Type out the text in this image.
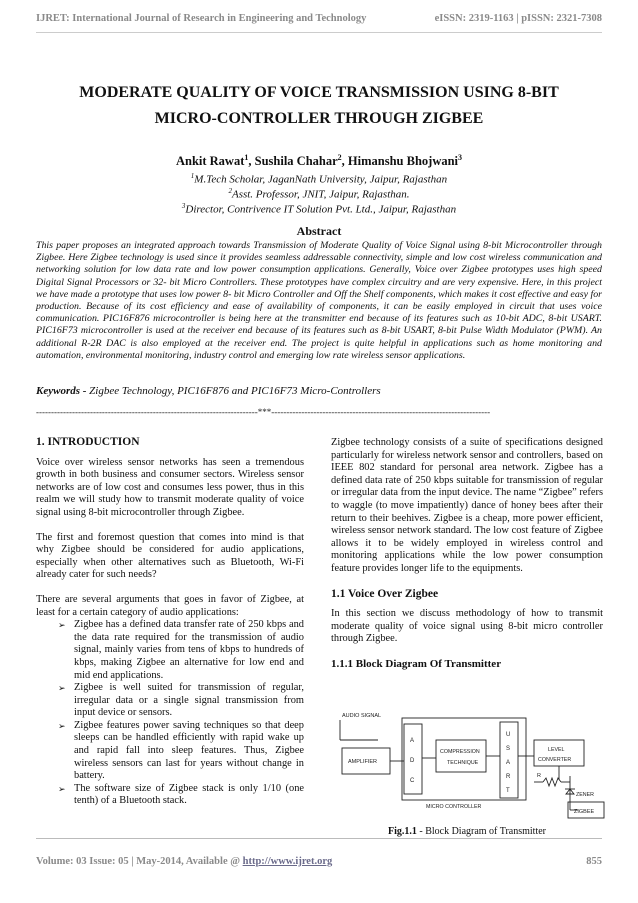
IJRET: International Journal of Research in Engineering and Technology	eISSN: 2319-1163 | pISSN: 2321-7308
MODERATE QUALITY OF VOICE TRANSMISSION USING 8-BIT
MICRO-CONTROLLER THROUGH ZIGBEE
Ankit Rawat$^1$, Sushila Chahar$^2$, Himanshu Bhojwani$^3$
$^1$M.Tech Scholar, JaganNath University, Jaipur, Rajasthan
$^2$Asst. Professor, JNIT, Jaipur, Rajasthan.
$^3$Director, Contrivence IT Solution Pvt. Ltd., Jaipur, Rajasthan
Abstract
This paper proposes an integrated approach towards Transmission of Moderate Quality of Voice Signal using 8-bit Microcontroller through Zigbee. Here Zigbee technology is used since it provides seamless addressable connectivity, simple and low cost wireless communication and networking solution for low data rate and low power consumption applications. Generally, Voice over Zigbee prototypes uses high speed Digital Signal Processors or 32- bit Micro Controllers. These prototypes have complex circuitry and are very expensive. Here, in this project we have made a prototype that uses low power 8- bit Micro Controller and Off the Shelf components, which makes it cost effective and easy for production. Because of its cost efficiency and ease of availability of components, it can be easily employed in circuit that uses voice communication. PIC16F876 microcontroller is being here at the transmitter end because of its features such as 10-bit ADC, 8-bit USART. PIC16F73 microcontroller is used at the receiver end because of its features such as 8-bit USART, 8-bit Pulse Width Modulator (PWM). An additional R-2R DAC is also employed at the receiver end. The project is quite helpful in applications such as home monitoring and automation, environmental monitoring, industry control and emerging low rate wireless sensor applications.
Keywords - Zigbee Technology, PIC16F876 and PIC16F73 Micro-Controllers
--------------------------------------------------------------------------***-------------------------------------------------------------------------
1. INTRODUCTION

Voice over wireless sensor networks has seen a tremendous growth in both business and consumer sectors. Wireless sensor networks are of low cost and consumes less power, thus in this realm we will study how to transmit moderate quality of voice signal using 8-bit microcontroller through Zigbee.

The first and foremost question that comes into mind is that why Zigbee should be considered for audio applications, especially when other alternatives such as Bluetooth, Wi-Fi already cater for such needs?

There are several arguments that goes in favor of Zigbee, at least for a certain category of audio applications:

➢ Zigbee has a defined data transfer rate of 250 kbps and the data rate required for the transmission of audio signal, mainly varies from tens of kbps to hundreds of kbps, making Zigbee an alternative for low end and mid end applications.
➢ Zigbee is well suited for transmission of regular, irregular data or a single signal transmission from input device or sensors.
➢ Zigbee features power saving techniques so that deep sleeps can be handled efficiently with rapid wake up and rapid fall into sleep features. Thus, Zigbee wireless sensors can last for years without change in battery.
➢ The software size of Zigbee stack is only 1/10 (one tenth) of a Bluetooth stack.

Zigbee technology consists of a suite of specifications designed particularly for wireless network sensor and controllers, based on IEEE 802 standard for personal area network. Zigbee has a defined data rate of 250 kbps suitable for transmission of regular or irregular data from the input device. The name “Zigbee” refers to waggle (to move impatiently) dance of honey bees after their return to their beehives. Zigbee is a cheap, more power efficient, wireless sensor network standard. The low cost feature of Zigbee allows it to be widely employed in wireless control and monitoring applications while the low power consumption feature provides longer life to the equipments.

1.1 Voice Over Zigbee

In this section we discuss methodology of how to transmit moderate quality of voice signal using 8-bit micro controller through Zigbee.

1.1.1 Block Diagram Of Transmitter
AUDIO SIGNAL
AMPLIFIER
A
D
C
COMPRESSION
TECHNIQUE
U
S
A
R
T
LEVEL
CONVERTER
R
ZENER
MICRO CONTROLLER
ZIGBEE
Fig.1.1 - Block Diagram of Transmitter
Volume: 03 Issue: 05 | May-2014, Available @ http://www.ijret.org	855
